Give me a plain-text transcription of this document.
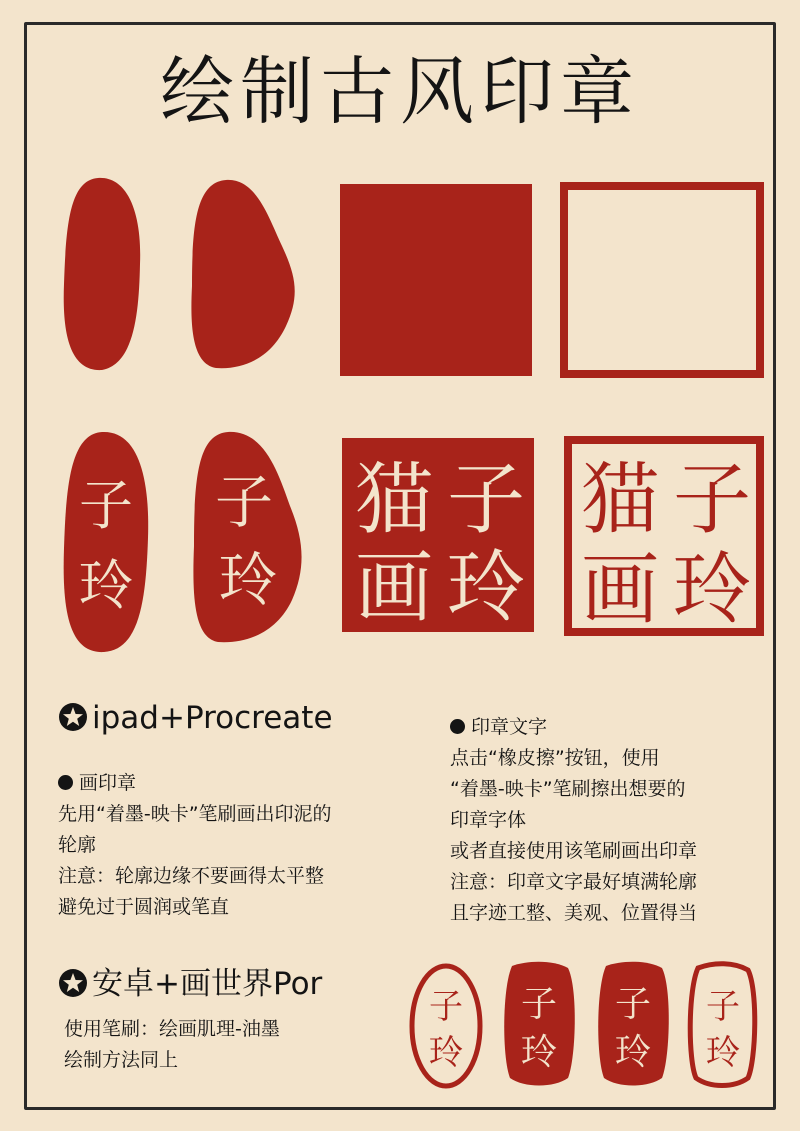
绘制古风印章
子
玲
子
玲
子
玲
猫
画
子
玲
猫
画
ipad+Procreate
画印章
先用“着墨-映卡”笔刷画出印泥的
轮廓
注意：轮廓边缘不要画得太平整
避免过于圆润或笔直
印章文字
点击“橡皮擦”按钮，使用
“着墨-映卡”笔刷擦出想要的
印章字体
或者直接使用该笔刷画出印章
注意：印章文字最好填满轮廓
且字迹工整、美观、位置得当
安卓+画世界Por
使用笔刷：绘画肌理-油墨
绘制方法同上
子
玲
子
玲
子
玲
子
玲
